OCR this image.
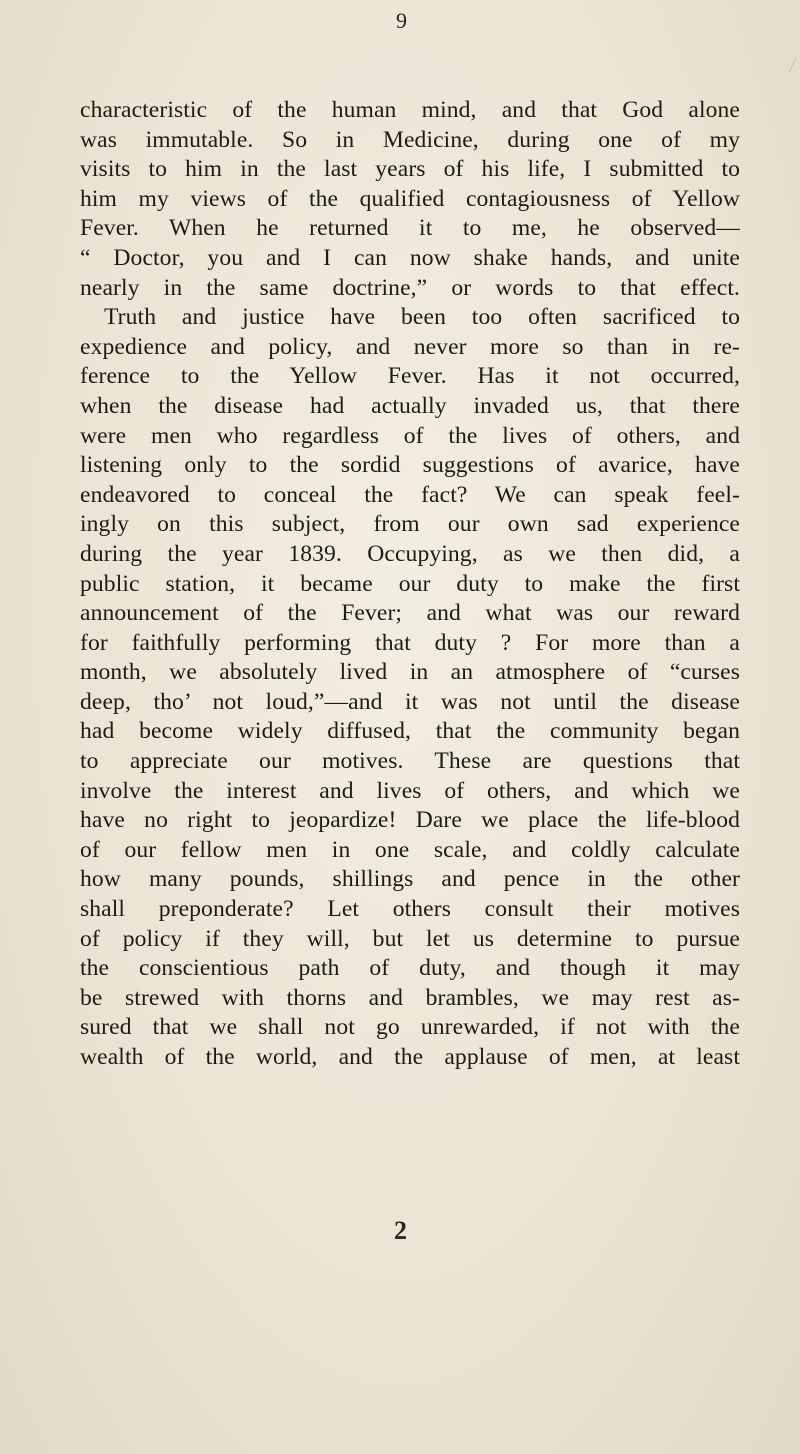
9
characteristic of the human mind, and that God alone
was immutable. So in Medicine, during one of my
visits to him in the last years of his life, I submitted to
him my views of the qualified contagiousness of Yellow
Fever. When he returned it to me, he observed—
“ Doctor, you and I can now shake hands, and unite
nearly in the same doctrine,” or words to that effect.
Truth and justice have been too often sacrificed to
expedience and policy, and never more so than in re-
ference to the Yellow Fever. Has it not occurred,
when the disease had actually invaded us, that there
were men who regardless of the lives of others, and
listening only to the sordid suggestions of avarice, have
endeavored to conceal the fact? We can speak feel-
ingly on this subject, from our own sad experience
during the year 1839. Occupying, as we then did, a
public station, it became our duty to make the first
announcement of the Fever; and what was our reward
for faithfully performing that duty ? For more than a
month, we absolutely lived in an atmosphere of “curses
deep, tho’ not loud,”—and it was not until the disease
had become widely diffused, that the community began
to appreciate our motives. These are questions that
involve the interest and lives of others, and which we
have no right to jeopardize! Dare we place the life-blood
of our fellow men in one scale, and coldly calculate
how many pounds, shillings and pence in the other
shall preponderate? Let others consult their motives
of policy if they will, but let us determine to pursue
the conscientious path of duty, and though it may
be strewed with thorns and brambles, we may rest as-
sured that we shall not go unrewarded, if not with the
wealth of the world, and the applause of men, at least
2
